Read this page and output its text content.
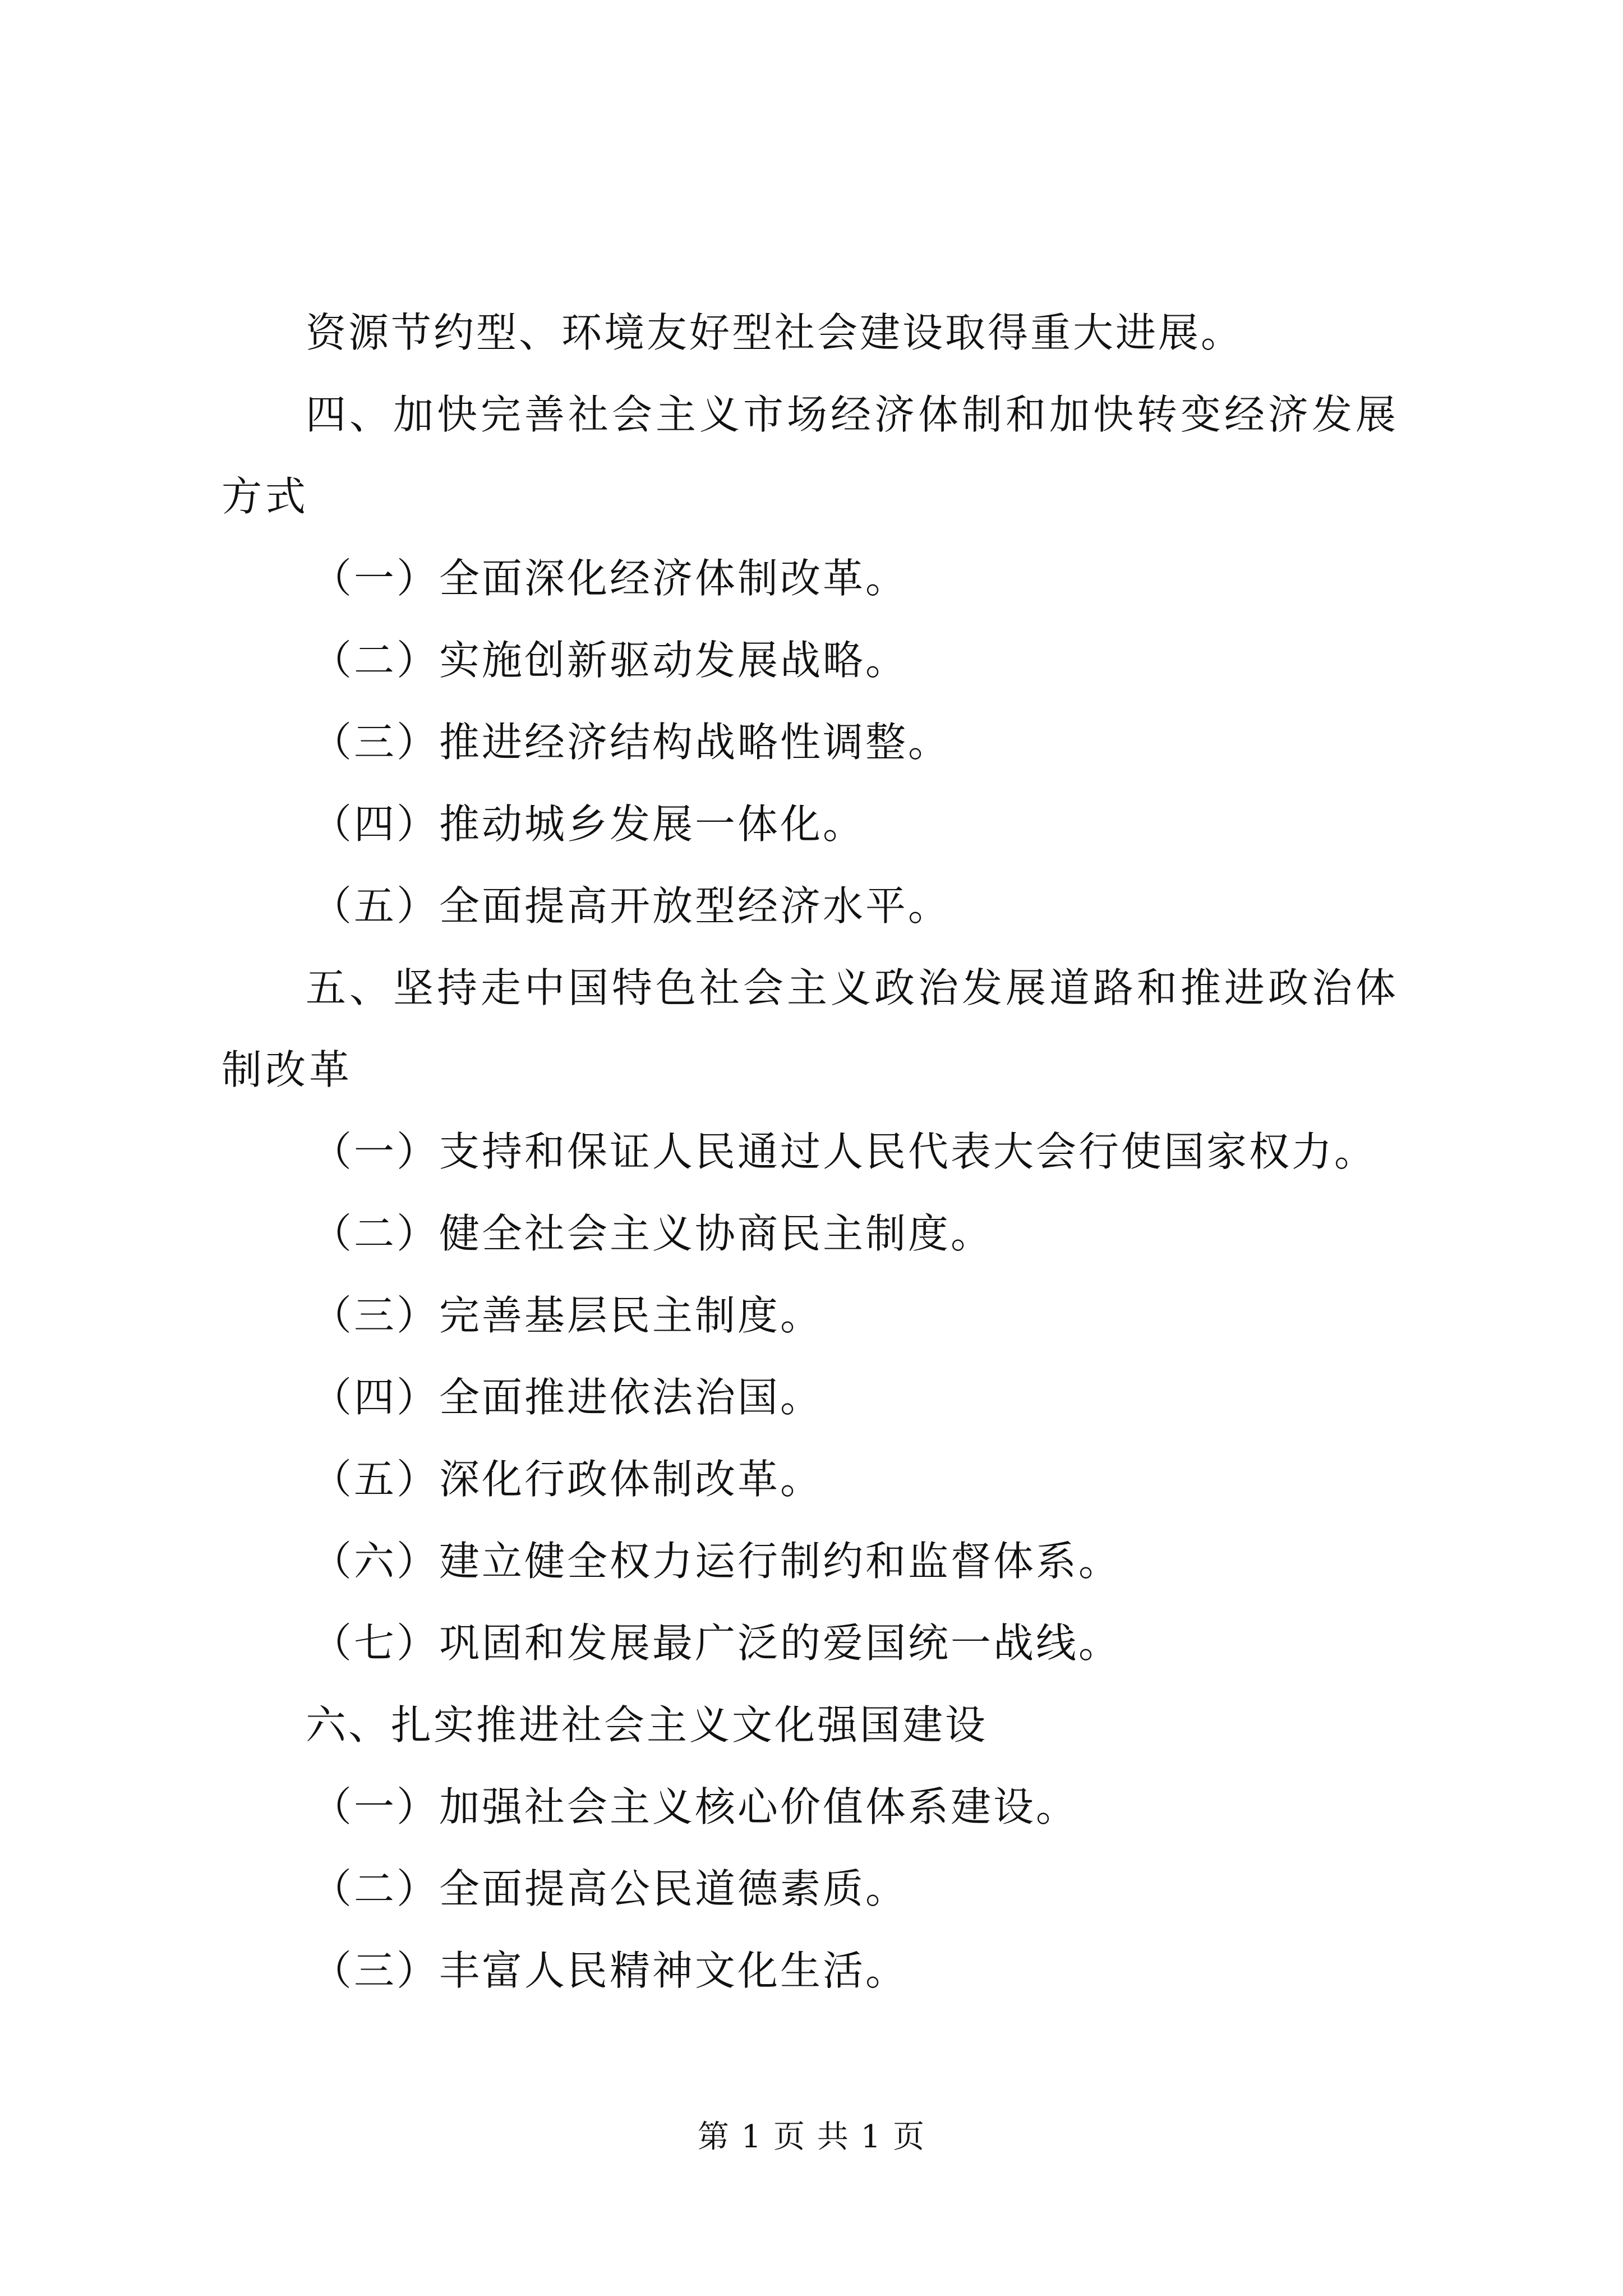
资源节约型、环境友好型社会建设取得重大进展。
四、加快完善社会主义市场经济体制和加快转变经济发展方式
（一）全面深化经济体制改革。
（二）实施创新驱动发展战略。
（三）推进经济结构战略性调整。
（四）推动城乡发展一体化。
（五）全面提高开放型经济水平。
五、坚持走中国特色社会主义政治发展道路和推进政治体制改革
（一）支持和保证人民通过人民代表大会行使国家权力。
（二）健全社会主义协商民主制度。
（三）完善基层民主制度。
（四）全面推进依法治国。
（五）深化行政体制改革。
（六）建立健全权力运行制约和监督体系。
（七）巩固和发展最广泛的爱国统一战线。
六、扎实推进社会主义文化强国建设
（一）加强社会主义核心价值体系建设。
（二）全面提高公民道德素质。
（三）丰富人民精神文化生活。
第 1 页 共 1 页
